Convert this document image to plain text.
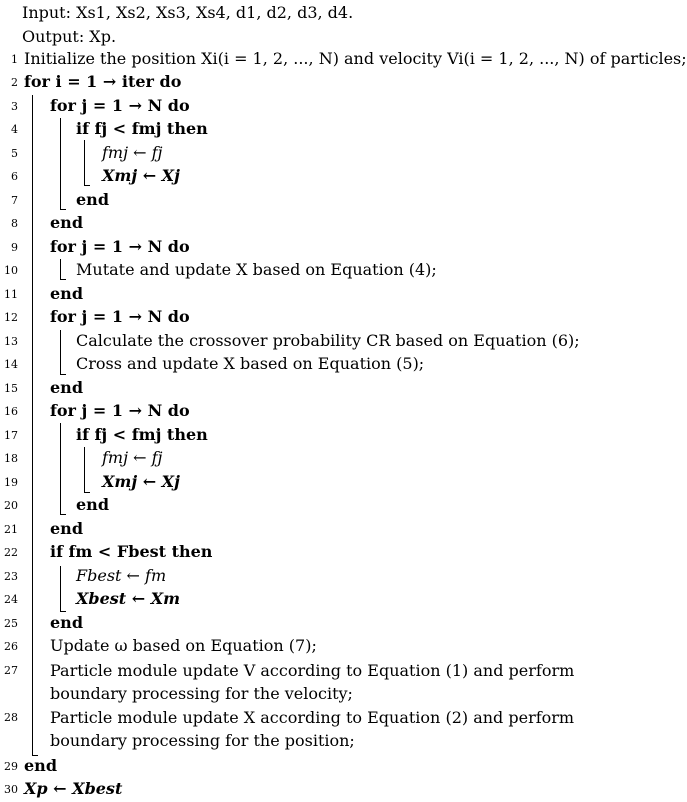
Input: Xs1, Xs2, Xs3, Xs4, d1, d2, d3, d4.
Output: Xp.
1 Initialize the position Xi(i = 1, 2, ..., N) and velocity Vi(i = 1, 2, ..., N) of particles;
2 for i = 1 → iter do
3 for j = 1 → N do
4	if fj < fmj then
5	fmj ← fj
6	Xmj ← Xj
7	end
8 end
9 for j = 1 → N do
10	Mutate and update X based on Equation (4);
11 end
12 for j = 1 → N do
13	Calculate the crossover probability CR based on Equation (6);
14	Cross and update X based on Equation (5);
15 end
16 for j = 1 → N do
17	if fj < fmj then
18	fmj ← fj
19	Xmj ← Xj
20	end
21 end
22 if fm < Fbest then
23	Fbest ← fm
24	Xbest ← Xm
25 end
26 Update ω based on Equation (7);
27 Particle module update V according to Equation (1) and perform boundary processing for the velocity;
28 Particle module update X according to Equation (2) and perform boundary processing for the position;
29 end
30 Xp ← Xbest
